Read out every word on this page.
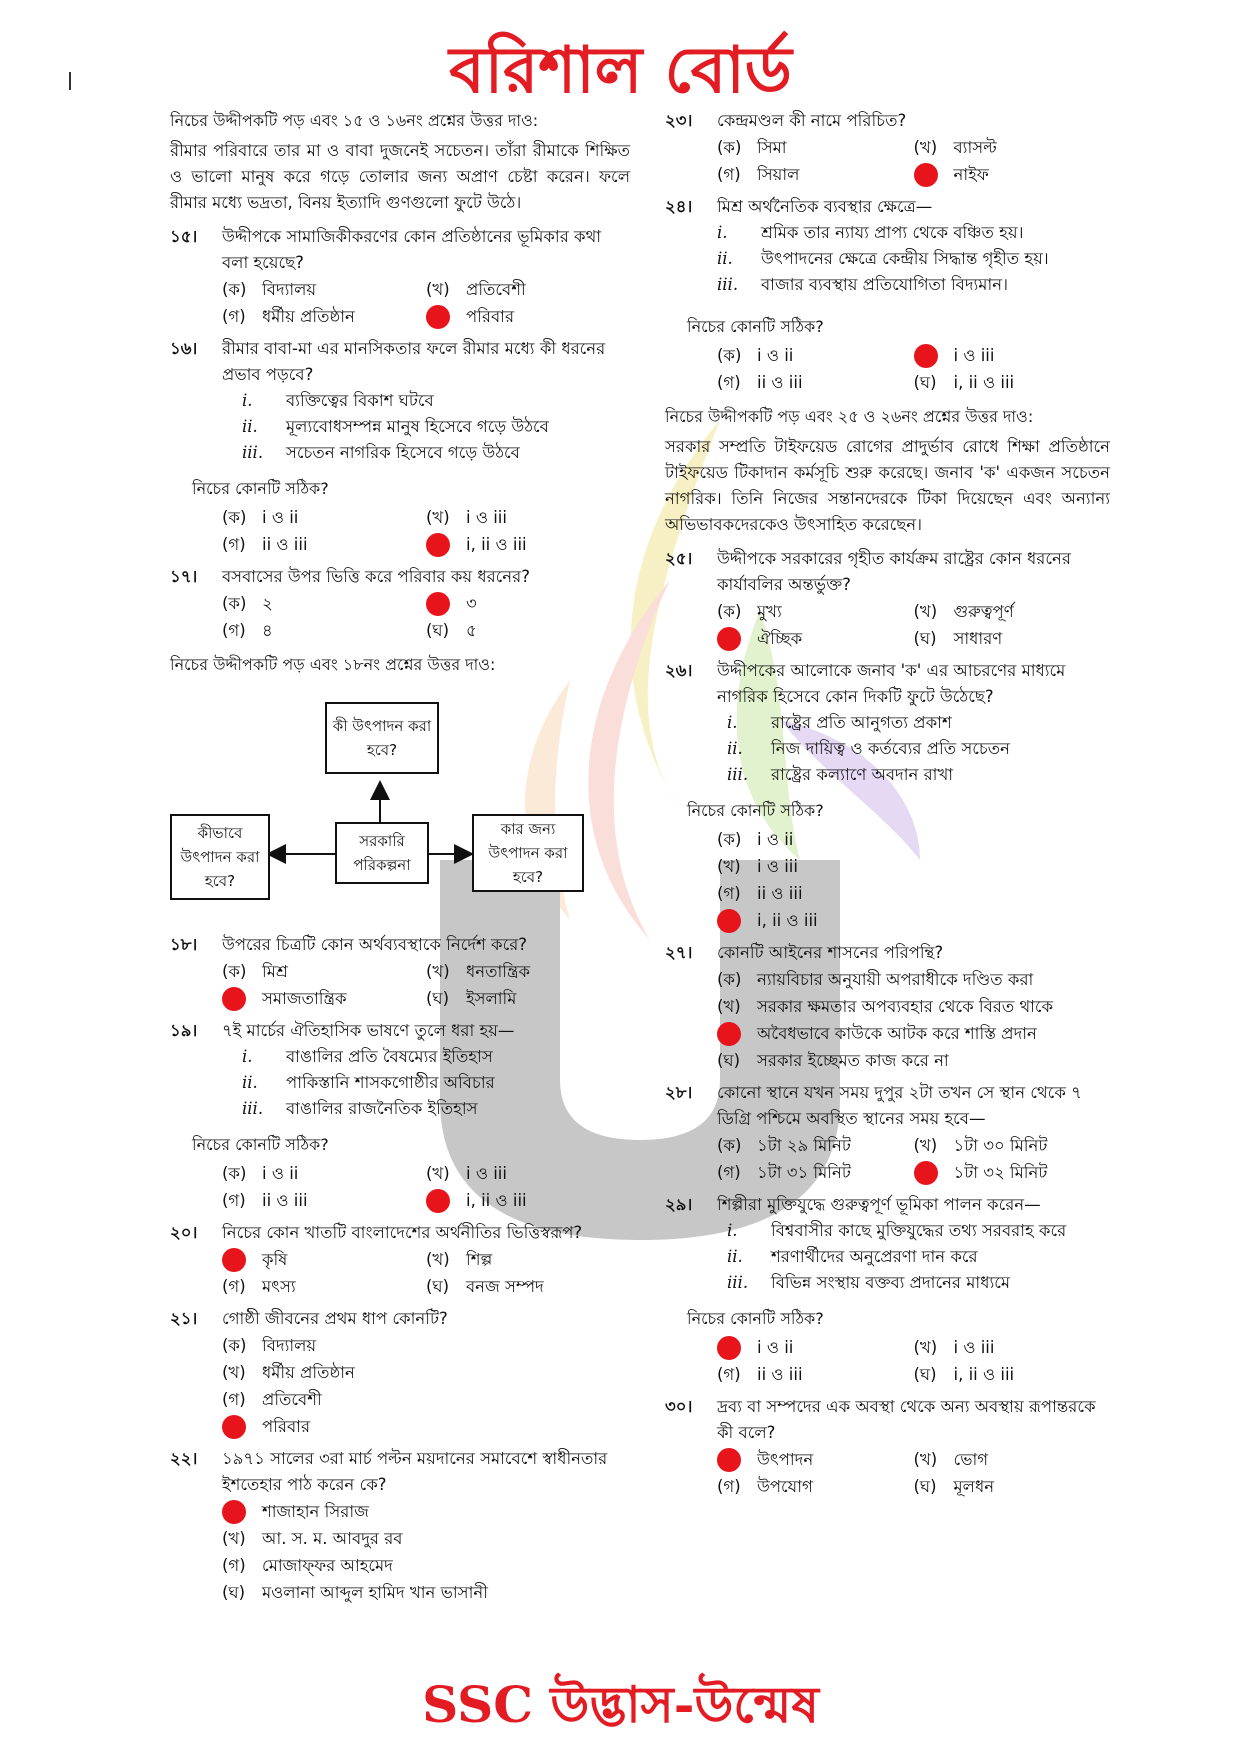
বরিশাল বোর্ড
নিচের উদ্দীপকটি পড় এবং ১৫ ও ১৬নং প্রশ্নের উত্তর দাও:
রীমার পরিবারে তার মা ও বাবা দুজনেই সচেতন। তাঁরা রীমাকে শিক্ষিত ও ভালো মানুষ করে গড়ে তোলার জন্য অপ্রাণ চেষ্টা করেন। ফলে রীমার মধ্যে ভদ্রতা, বিনয় ইত্যাদি গুণগুলো ফুটে উঠে।
১৫।	উদ্দীপকে সামাজিকীকরণের কোন প্রতিষ্ঠানের ভূমিকার কথা বলা হয়েছে?
(ক) বিদ্যালয়	(খ) প্রতিবেশী
(গ) ধর্মীয় প্রতিষ্ঠান	পরিবার
১৬।	রীমার বাবা-মা এর মানসিকতার ফলে রীমার মধ্যে কী ধরনের প্রভাব পড়বে?
i.	ব্যক্তিত্বের বিকাশ ঘটবে
ii.	মূল্যবোধসম্পন্ন মানুষ হিসেবে গড়ে উঠবে
iii.	সচেতন নাগরিক হিসেবে গড়ে উঠবে
নিচের কোনটি সঠিক?
(ক) i ও ii	(খ) i ও iii
(গ) ii ও iii	i, ii ও iii
১৭।	বসবাসের উপর ভিত্তি করে পরিবার কয় ধরনের?
(ক) ২	৩
(গ) ৪	(ঘ)	৫
নিচের উদ্দীপকটি পড় এবং ১৮নং প্রশ্নের উত্তর দাও:
কী উৎপাদন করা হবে?
কীভাবে উৎপাদন করা হবে?
সরকারি পরিকল্পনা
কার জন্য উৎপাদন করা হবে?
১৮।	উপরের চিত্রটি কোন অর্থব্যবস্থাকে নির্দেশ করে?
(ক) মিশ্র	(খ) ধনতান্ত্রিক
সমাজতান্ত্রিক	(ঘ)	ইসলামি
১৯।	৭ই মার্চের ঐতিহাসিক ভাষণে তুলে ধরা হয়—
i.	বাঙালির প্রতি বৈষম্যের ইতিহাস
ii.	পাকিস্তানি শাসকগোষ্ঠীর অবিচার
iii.	বাঙালির রাজনৈতিক ইতিহাস
নিচের কোনটি সঠিক?
(ক) i ও ii	(খ) i ও iii
(গ) ii ও iii	i, ii ও iii
২০।	নিচের কোন খাতটি বাংলাদেশের অর্থনীতির ভিত্তিস্বরূপ?
কৃষি	(খ) শিল্প
(গ) মৎস্য	(ঘ)	বনজ সম্পদ
২১।	গোষ্ঠী জীবনের প্রথম ধাপ কোনটি?
(ক) বিদ্যালয়
(খ) ধর্মীয় প্রতিষ্ঠান
(গ) প্রতিবেশী
পরিবার
২২।	১৯৭১ সালের ৩রা মার্চ পল্টন ময়দানের সমাবেশে স্বাধীনতার ইশতেহার পাঠ করেন কে?
শাজাহান সিরাজ
(খ) আ. স. ম. আবদুর রব
(গ) মোজাফ্ফর আহমেদ
(ঘ)	মওলানা আব্দুল হামিদ খান ভাসানী
২৩।	কেন্দ্রমণ্ডল কী নামে পরিচিত?
(ক) সিমা	(খ) ব্যাসল্ট
(গ) সিয়াল	নাইফ
২৪।	মিশ্র অর্থনৈতিক ব্যবস্থার ক্ষেত্রে—
i.	শ্রমিক তার ন্যায্য প্রাপ্য থেকে বঞ্চিত হয়।
ii.	উৎপাদনের ক্ষেত্রে কেন্দ্রীয় সিদ্ধান্ত গৃহীত হয়।
iii.	বাজার ব্যবস্থায় প্রতিযোগিতা বিদ্যমান।
নিচের কোনটি সঠিক?
(ক) i ও ii	i ও iii
(গ) ii ও iii	(ঘ)	i, ii ও iii
নিচের উদ্দীপকটি পড় এবং ২৫ ও ২৬নং প্রশ্নের উত্তর দাও:
সরকার সম্প্রতি টাইফয়েড রোগের প্রাদুর্ভাব রোধে শিক্ষা প্রতিষ্ঠানে টাইফয়েড টিকাদান কর্মসূচি শুরু করেছে। জনাব 'ক' একজন সচেতন নাগরিক। তিনি নিজের সন্তানদেরকে টিকা দিয়েছেন এবং অন্যান্য অভিভাবকদেরকেও উৎসাহিত করেছেন।
২৫।	উদ্দীপকে সরকারের গৃহীত কার্যক্রম রাষ্ট্রের কোন ধরনের কার্যাবলির অন্তর্ভুক্ত?
(ক) মুখ্য	(খ) গুরুত্বপূর্ণ
ঐচ্ছিক	(ঘ)	সাধারণ
২৬।	উদ্দীপকের আলোকে জনাব 'ক' এর আচরণের মাধ্যমে নাগরিক হিসেবে কোন দিকটি ফুটে উঠেছে?
i.	রাষ্ট্রের প্রতি আনুগত্য প্রকাশ
ii.	নিজ দায়িত্ব ও কর্তব্যের প্রতি সচেতন
iii.	রাষ্ট্রের কল্যাণে অবদান রাখা
নিচের কোনটি সঠিক?
(ক) i ও ii
(খ) i ও iii
(গ) ii ও iii
i, ii ও iii
২৭।	কোনটি আইনের শাসনের পরিপন্থি?
(ক) ন্যায়বিচার অনুযায়ী অপরাধীকে দণ্ডিত করা
(খ) সরকার ক্ষমতার অপব্যবহার থেকে বিরত থাকে
অবৈধভাবে কাউকে আটক করে শাস্তি প্রদান
(ঘ)	সরকার ইচ্ছেমত কাজ করে না
২৮।	কোনো স্থানে যখন সময় দুপুর ২টা তখন সে স্থান থেকে ৭ ডিগ্রি পশ্চিমে অবস্থিত স্থানের সময় হবে—
(ক) ১টা ২৯ মিনিট	(খ) ১টা ৩০ মিনিট
(গ) ১টা ৩১ মিনিট	১টা ৩২ মিনিট
২৯।	শিল্পীরা মুক্তিযুদ্ধে গুরুত্বপূর্ণ ভূমিকা পালন করেন—
i.	বিশ্ববাসীর কাছে মুক্তিযুদ্ধের তথ্য সরবরাহ করে
ii.	শরণার্থীদের অনুপ্রেরণা দান করে
iii.	বিভিন্ন সংস্থায় বক্তব্য প্রদানের মাধ্যমে
নিচের কোনটি সঠিক?
i ও ii	(খ) i ও iii
(গ) ii ও iii	(ঘ)	i, ii ও iii
৩০।	দ্রব্য বা সম্পদের এক অবস্থা থেকে অন্য অবস্থায় রূপান্তরকে কী বলে?
উৎপাদন	(খ) ভোগ
(গ) উপযোগ	(ঘ)	মূলধন
SSC উদ্ভাস-উন্মেষ
